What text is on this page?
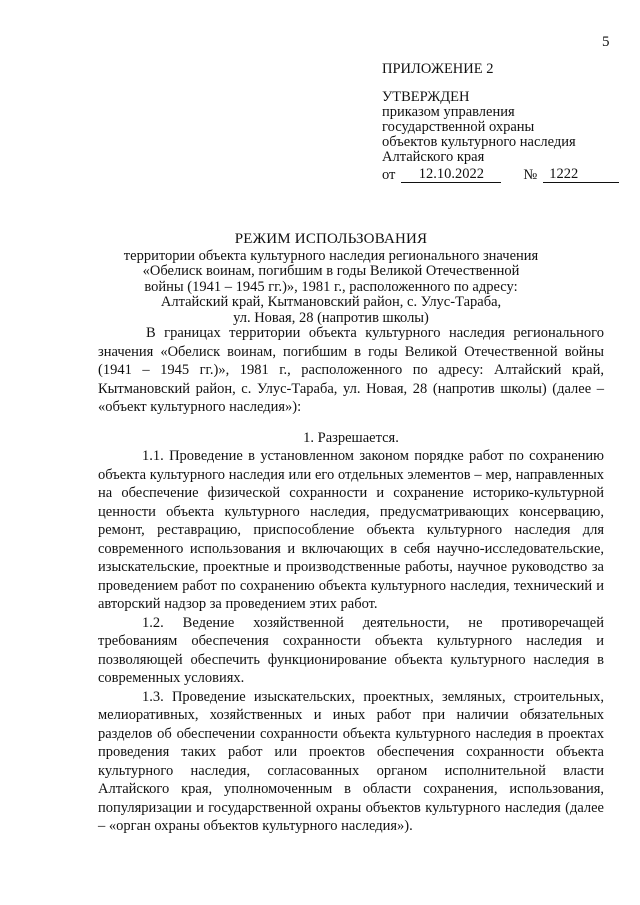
5

ПРИЛОЖЕНИЕ 2

УТВЕРЖДЕН

приказом управления

государственной охраны

объектов культурного наследия

Алтайского края

от	12.10.2022	№ 1222
РЕЖИМ ИСПОЛЬЗОВАНИЯ
территории объекта культурного наследия регионального значения
«Обелиск воинам, погибшим в годы Великой Отечественной
войны (1941 – 1945 гг.)», 1981 г., расположенного по адресу:
Алтайский край, Кытмановский район, с. Улус-Тараба,
ул. Новая, 28 (напротив школы)

В границах территории объекта культурного наследия регионального значения «Обелиск воинам, погибшим в годы Великой Отечественной войны (1941 – 1945 гг.)», 1981 г., расположенного по адресу: Алтайский край, Кытмановский район, с. Улус-Тараба, ул. Новая, 28 (напротив школы) (далее – «объект культурного наследия»):

1. Разрешается.

1.1. Проведение в установленном законом порядке работ по сохранению объекта культурного наследия или его отдельных элементов – мер, направленных на обеспечение физической сохранности и сохранение историко-культурной ценности объекта культурного наследия, предусматривающих консервацию, ремонт, реставрацию, приспособление объекта культурного наследия для современного использования и включающих в себя научно-исследовательские, изыскательские, проектные и производственные работы, научное руководство за проведением работ по сохранению объекта культурного наследия, технический и авторский надзор за проведением этих работ.

1.2. Ведение хозяйственной деятельности, не противоречащей требованиям обеспечения сохранности объекта культурного наследия и позволяющей обеспечить функционирование объекта культурного наследия в современных условиях.

1.3. Проведение изыскательских, проектных, земляных, строительных, мелиоративных, хозяйственных и иных работ при наличии обязательных разделов об обеспечении сохранности объекта культурного наследия в проектах проведения таких работ или проектов обеспечения сохранности объекта культурного наследия, согласованных органом исполнительной власти Алтайского края, уполномоченным в области сохранения, использования, популяризации и государственной охраны объектов культурного наследия (далее – «орган охраны объектов культурного наследия»).
